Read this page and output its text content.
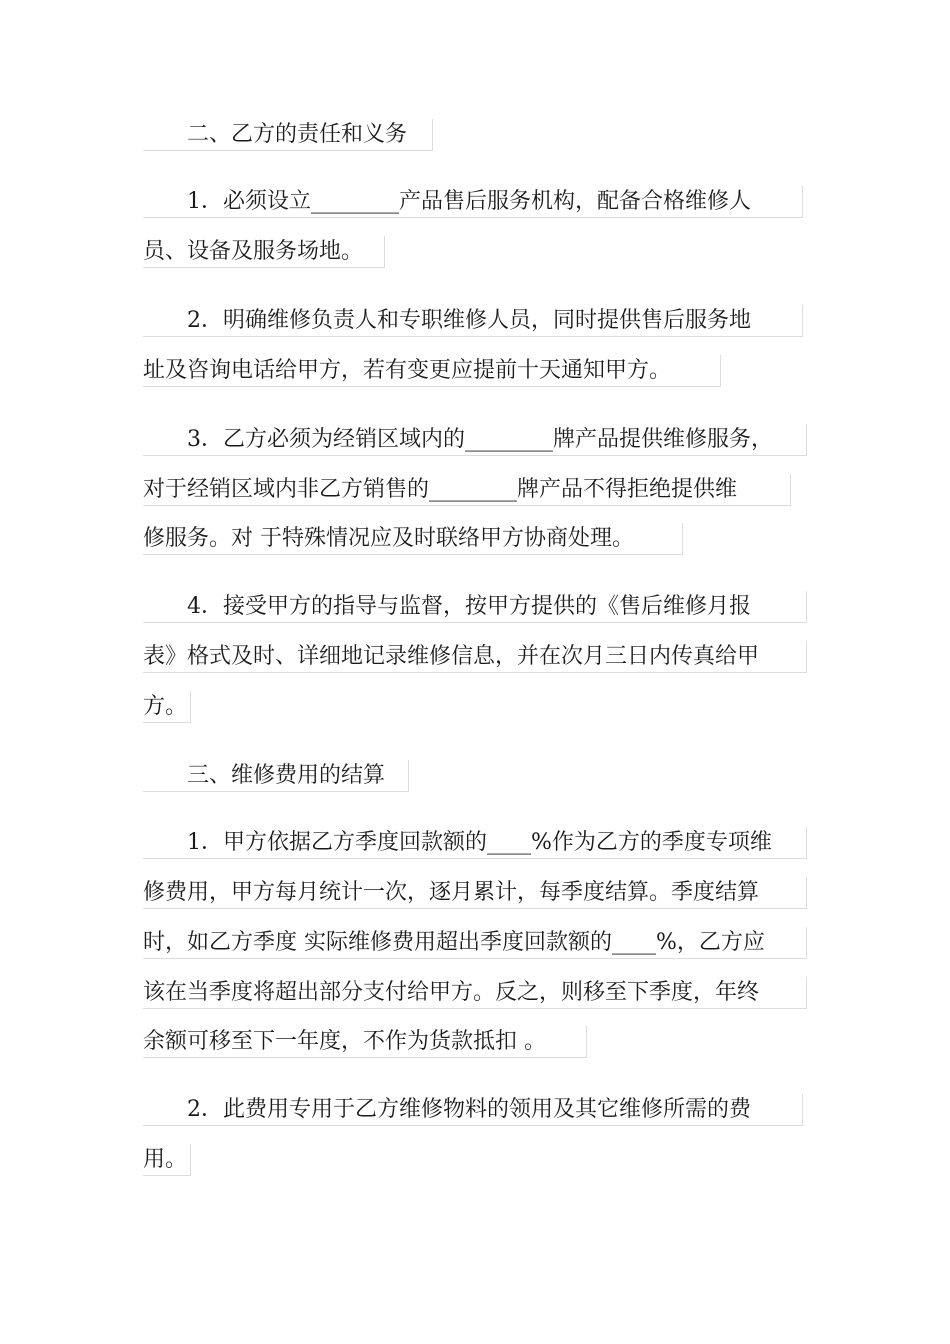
　　二、乙方的责任和义务
　　1．必须设立________产品售后服务机构，配备合格维修人
员、设备及服务场地。
　　2．明确维修负责人和专职维修人员，同时提供售后服务地
址及咨询电话给甲方，若有变更应提前十天通知甲方。
　　3．乙方必须为经销区域内的________牌产品提供维修服务，
对于经销区域内非乙方销售的________牌产品不得拒绝提供维
修服务。对 于特殊情况应及时联络甲方协商处理。
　　4．接受甲方的指导与监督，按甲方提供的《售后维修月报
表》格式及时、详细地记录维修信息，并在次月三日内传真给甲
方。
　　三、维修费用的结算
　　1．甲方依据乙方季度回款额的____%作为乙方的季度专项维
修费用，甲方每月统计一次，逐月累计，每季度结算。季度结算
时，如乙方季度 实际维修费用超出季度回款额的____%，乙方应
该在当季度将超出部分支付给甲方。反之，则移至下季度，年终
余额可移至下一年度，不作为货款抵扣 。
　　2．此费用专用于乙方维修物料的领用及其它维修所需的费
用。
